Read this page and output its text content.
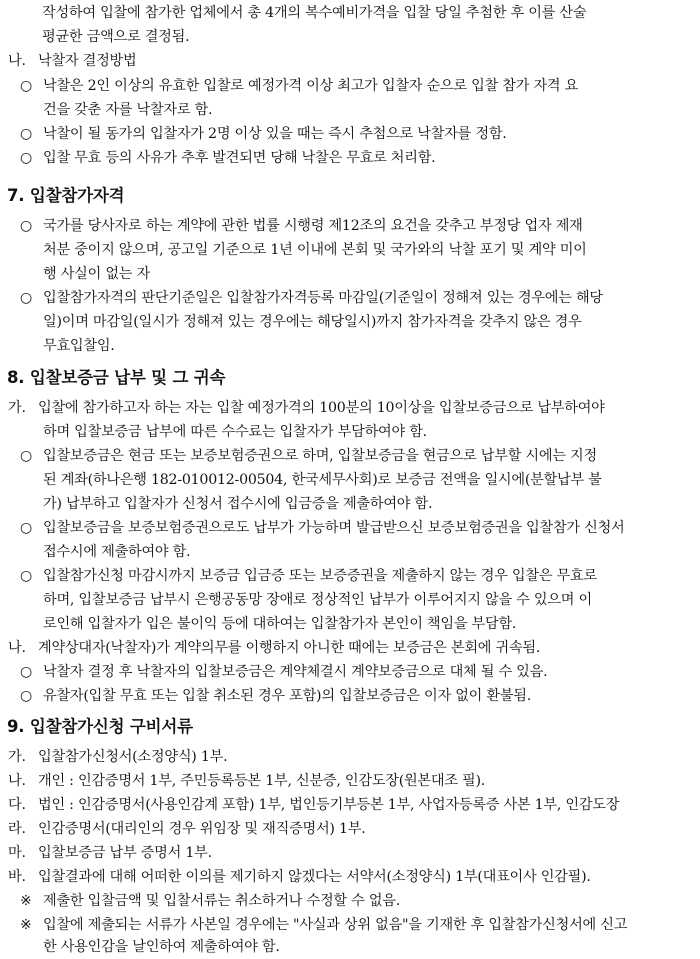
작성하여 입찰에 참가한 업체에서 총 4개의 복수예비가격을 입찰 당일 추첨한 후 이를 산술
평균한 금액으로 결정됨.
나. 낙찰자 결정방법
○ 낙찰은 2인 이상의 유효한 입찰로 예정가격 이상 최고가 입찰자 순으로 입찰 참가 자격 요
건을 갖춘 자를 낙찰자로 함.
○ 낙찰이 될 동가의 입찰자가 2명 이상 있을 때는 즉시 추첨으로 낙찰자를 정함.
○ 입찰 무효 등의 사유가 추후 발견되면 당해 낙찰은 무효로 처리함.
7. 입찰참가자격
○ 국가를 당사자로 하는 계약에 관한 법률 시행령 제12조의 요건을 갖추고 부정당 업자 제재
처분 중이지 않으며, 공고일 기준으로 1년 이내에 본회 및 국가와의 낙찰 포기 및 계약 미이
행 사실이 없는 자
○ 입찰참가자격의 판단기준일은 입찰참가자격등록 마감일(기준일이 정해져 있는 경우에는 해당
일)이며 마감일(일시가 정해져 있는 경우에는 해당일시)까지 참가자격을 갖추지 않은 경우
무효입찰임.
8. 입찰보증금 납부 및 그 귀속
가. 입찰에 참가하고자 하는 자는 입찰 예정가격의 100분의 10이상을 입찰보증금으로 납부하여야
하며 입찰보증금 납부에 따른 수수료는 입찰자가 부담하여야 함.
○ 입찰보증금은 현금 또는 보증보험증권으로 하며, 입찰보증금을 현금으로 납부할 시에는 지정
된 계좌(하나은행 182-010012-00504, 한국세무사회)로 보증금 전액을 일시에(분할납부 불
가) 납부하고 입찰자가 신청서 접수시에 입금증을 제출하여야 함.
○ 입찰보증금을 보증보험증권으로도 납부가 가능하며 발급받으신 보증보험증권을 입찰참가 신청서
접수시에 제출하여야 함.
○ 입찰참가신청 마감시까지 보증금 입금증 또는 보증증권을 제출하지 않는 경우 입찰은 무효로
하며, 입찰보증금 납부시 은행공동망 장애로 정상적인 납부가 이루어지지 않을 수 있으며 이
로인해 입찰자가 입은 불이익 등에 대하여는 입찰참가자 본인이 책임을 부담함.
나. 계약상대자(낙찰자)가 계약의무를 이행하지 아니한 때에는 보증금은 본회에 귀속됨.
○ 낙찰자 결정 후 낙찰자의 입찰보증금은 계약체결시 계약보증금으로 대체 될 수 있음.
○ 유찰자(입찰 무효 또는 입찰 취소된 경우 포함)의 입찰보증금은 이자 없이 환불됨.
9. 입찰참가신청 구비서류
가. 입찰참가신청서(소정양식) 1부.
나. 개인 : 인감증명서 1부, 주민등록등본 1부, 신분증, 인감도장(원본대조 필).
다. 법인 : 인감증명서(사용인감계 포함) 1부, 법인등기부등본 1부, 사업자등록증 사본 1부, 인감도장
라. 인감증명서(대리인의 경우 위임장 및 재직증명서) 1부.
마. 입찰보증금 납부 증명서 1부.
바. 입찰결과에 대해 어떠한 이의를 제기하지 않겠다는 서약서(소정양식) 1부(대표이사 인감필).
※ 제출한 입찰금액 및 입찰서류는 취소하거나 수정할 수 없음.
※ 입찰에 제출되는 서류가 사본일 경우에는 "사실과 상위 없음"을 기재한 후 입찰참가신청서에 신고
한 사용인감을 날인하여 제출하여야 함.
